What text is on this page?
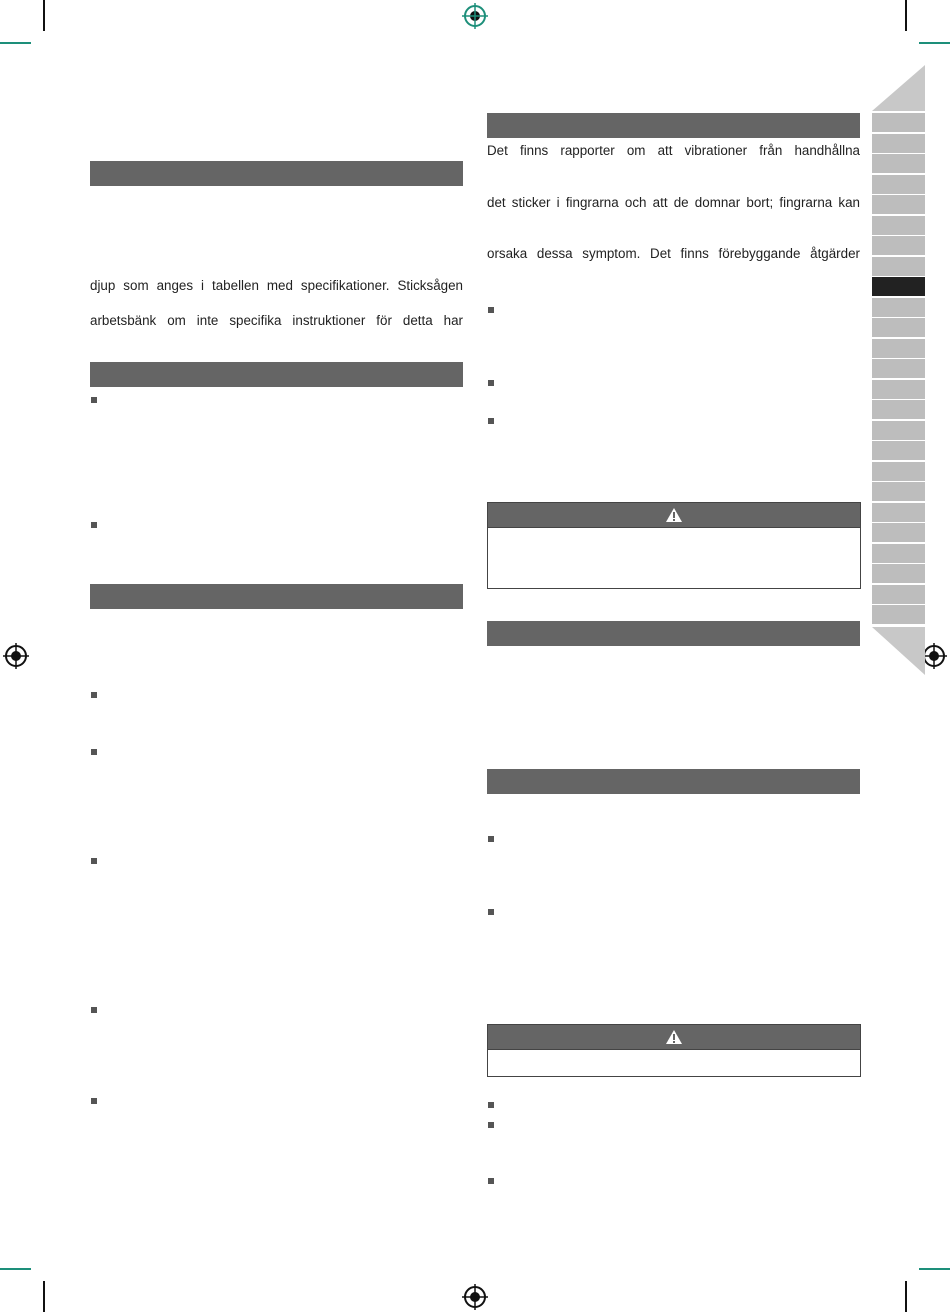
djup som anges i tabellen med specifikationer. Sticksågen
arbetsbänk om inte specifika instruktioner för detta har
Det finns rapporter om att vibrationer från handhållna
det sticker i fingrarna och att de domnar bort; fingrarna kan
orsaka dessa symptom. Det finns förebyggande åtgärder
